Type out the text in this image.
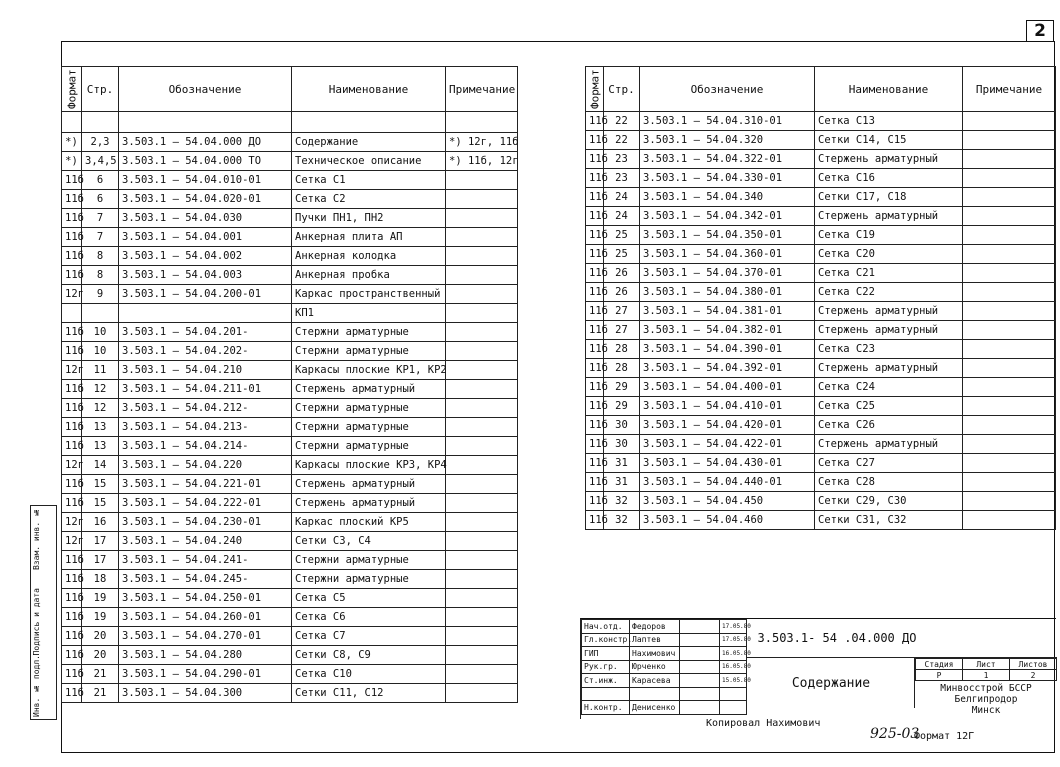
2
Формат	Стр.	Обозначение	Наименование	Примечание

*)	2,3	3.503.1 – 54.04.000 ДО	Содержание	*) 12г, 11б
*)	3,4,5	3.503.1 – 54.04.000 ТО	Техническое описание	*) 11б, 12г
11б	6	3.503.1 – 54.04.010-01	Сетка С1	
11б	6	3.503.1 – 54.04.020-01	Сетка С2	
11б	7	3.503.1 – 54.04.030	Пучки ПН1, ПН2	
11б	7	3.503.1 – 54.04.001	Анкерная плита АП	
11б	8	3.503.1 – 54.04.002	Анкерная колодка	
11б	8	3.503.1 – 54.04.003	Анкерная пробка	
12г	9	3.503.1 – 54.04.200-01	Каркас пространственный	
			КП1	
11б	10	3.503.1 – 54.04.201-	Стержни арматурные	
11б	10	3.503.1 – 54.04.202-	Стержни арматурные	
12г	11	3.503.1 – 54.04.210	Каркасы плоские КР1, КР2	
11б	12	3.503.1 – 54.04.211-01	Стержень арматурный	
11б	12	3.503.1 – 54.04.212-	Стержни арматурные	
11б	13	3.503.1 – 54.04.213-	Стержни арматурные	
11б	13	3.503.1 – 54.04.214-	Стержни арматурные	
12г	14	3.503.1 – 54.04.220	Каркасы плоские КР3, КР4	
11б	15	3.503.1 – 54.04.221-01	Стержень арматурный	
11б	15	3.503.1 – 54.04.222-01	Стержень арматурный	
12г	16	3.503.1 – 54.04.230-01	Каркас плоский КР5	
12г	17	3.503.1 – 54.04.240	Сетки С3, С4	
11б	17	3.503.1 – 54.04.241-	Стержни арматурные	
11б	18	3.503.1 – 54.04.245-	Стержни арматурные	
11б	19	3.503.1 – 54.04.250-01	Сетка С5	
11б	19	3.503.1 – 54.04.260-01	Сетка С6	
11б	20	3.503.1 – 54.04.270-01	Сетка С7	
11б	20	3.503.1 – 54.04.280	Сетки С8, С9	
11б	21	3.503.1 – 54.04.290-01	Сетка С10	
11б	21	3.503.1 – 54.04.300	Сетки С11, С12	
Формат	Стр.	Обозначение	Наименование	Примечание
11б	22	3.503.1 – 54.04.310-01	Сетка С13	
11б	22	3.503.1 – 54.04.320	Сетки С14, С15	
11б	23	3.503.1 – 54.04.322-01	Стержень арматурный	
11б	23	3.503.1 – 54.04.330-01	Сетка С16	
11б	24	3.503.1 – 54.04.340	Сетки С17, С18	
11б	24	3.503.1 – 54.04.342-01	Стержень арматурный	
11б	25	3.503.1 – 54.04.350-01	Сетка С19	
11б	25	3.503.1 – 54.04.360-01	Сетка С20	
11б	26	3.503.1 – 54.04.370-01	Сетка С21	
11б	26	3.503.1 – 54.04.380-01	Сетка С22	
11б	27	3.503.1 – 54.04.381-01	Стержень арматурный	
11б	27	3.503.1 – 54.04.382-01	Стержень арматурный	
11б	28	3.503.1 – 54.04.390-01	Сетка С23	
11б	28	3.503.1 – 54.04.392-01	Стержень арматурный	
11б	29	3.503.1 – 54.04.400-01	Сетка С24	
11б	29	3.503.1 – 54.04.410-01	Сетка С25	
11б	30	3.503.1 – 54.04.420-01	Сетка С26	
11б	30	3.503.1 – 54.04.422-01	Стержень арматурный	
11б	31	3.503.1 – 54.04.430-01	Сетка С27	
11б	31	3.503.1 – 54.04.440-01	Сетка С28	
11б	32	3.503.1 – 54.04.450	Сетки С29, С30	
11б	32	3.503.1 – 54.04.460	Сетки С31, С32	
Нач.отд.	Федоров		17.05.80
Гл.констр.	Лаптев		17.05.80
ГИП	Нахимович		16.05.80
Рук.гр.	Юрченко		16.05.80
Ст.инж.	Карасева		15.05.80

Н.контр.	Денисенко		
3.503.1- 54 .04.000 ДО
Содержание
Стадия	Лист	Листов
Р	1	2
Минвосстрой БССР
Белгипродор
Минск
Копировал Нахимович
925-03
Формат 12Г
Инв. № подл.
Подпись и дата
Взам. инв. №
